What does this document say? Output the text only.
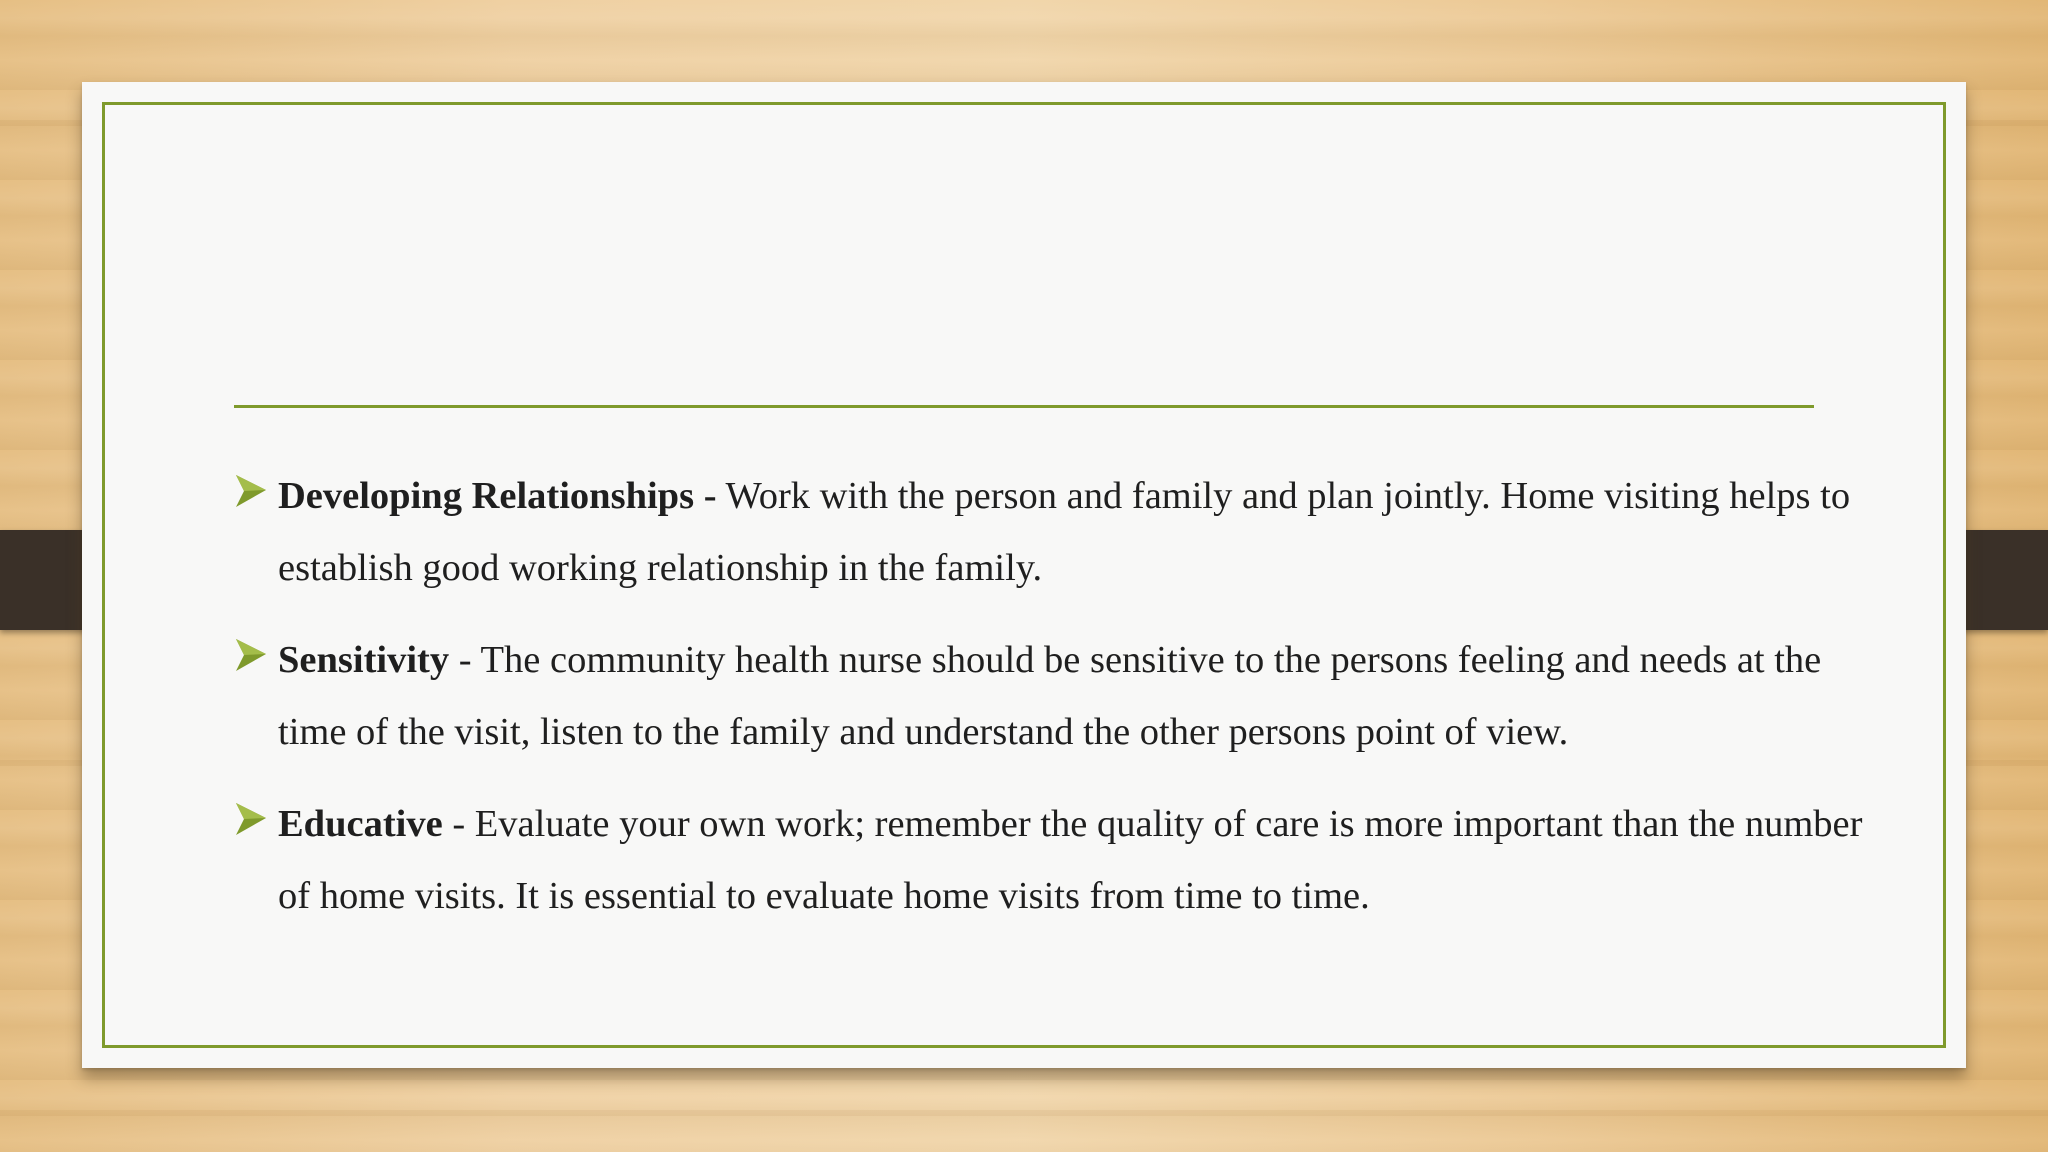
Developing Relationships - Work with the person and family and plan jointly. Home visiting helps to establish good working relationship in the family.
Sensitivity - The community health nurse should be sensitive to the persons feeling and needs at the time of the visit, listen to the family and understand the other persons point of view.
Educative - Evaluate your own work; remember the quality of care is more important than the number of home visits. It is essential to evaluate home visits from time to time.
